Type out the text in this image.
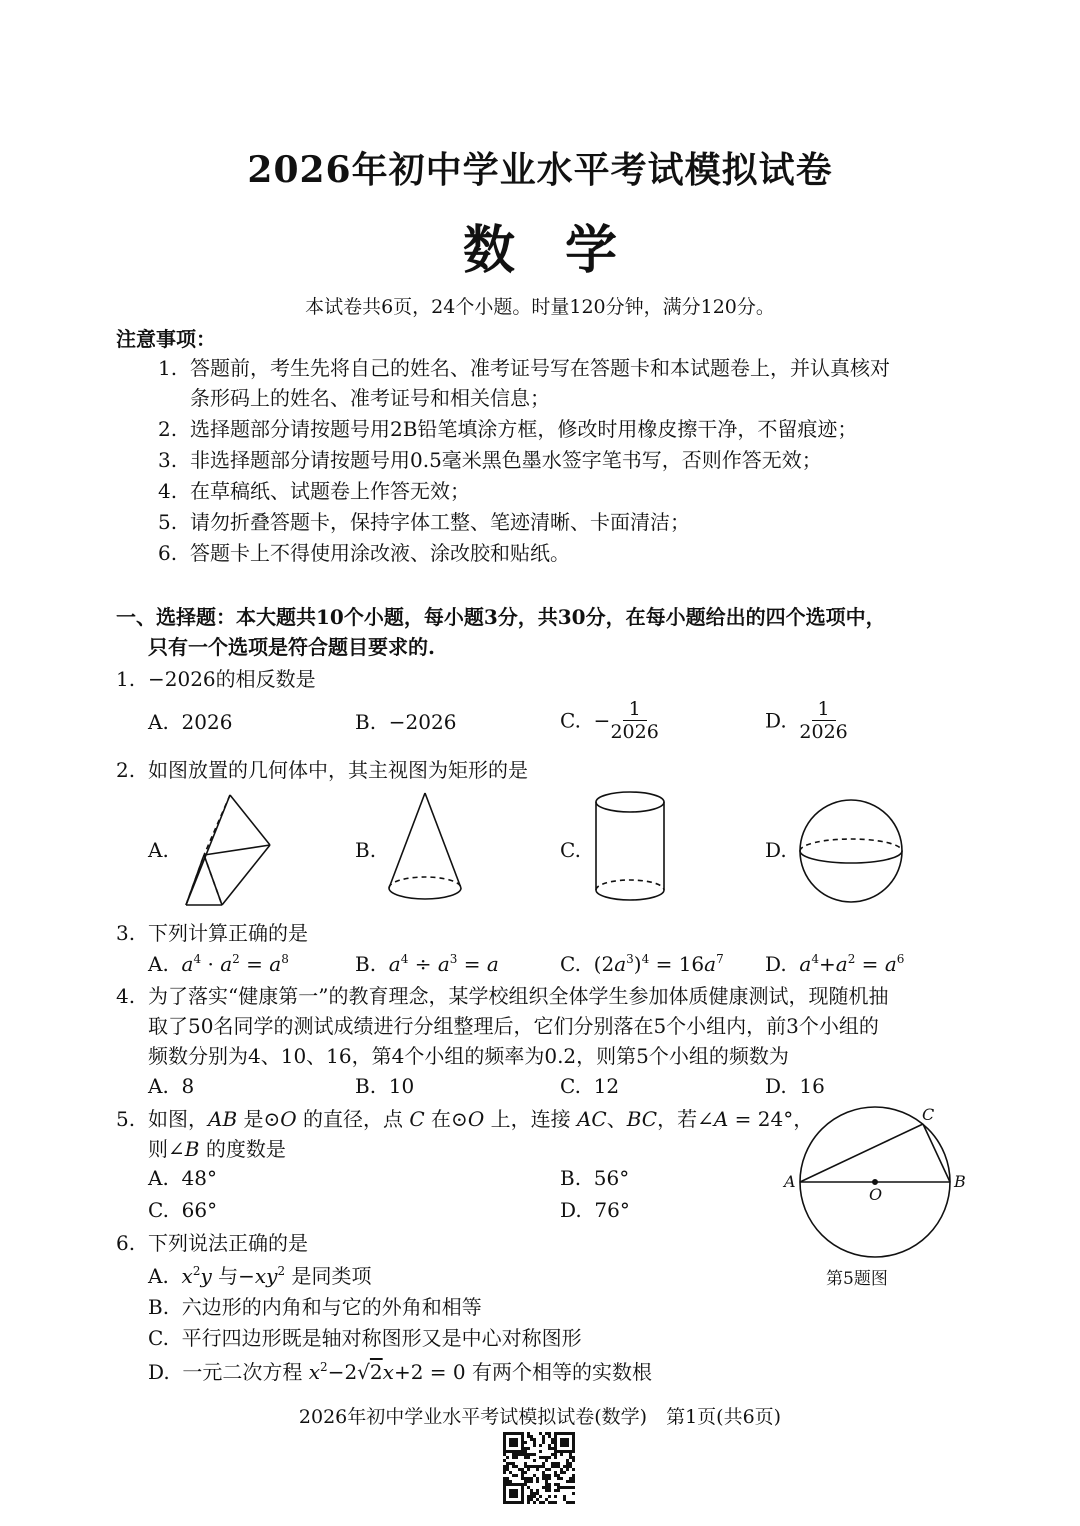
2026年初中学业水平考试模拟试卷
数学
本试卷共6页，24个小题。时量120分钟，满分120分。
注意事项：
1. 答题前，考生先将自己的姓名、准考证号写在答题卡和本试题卷上，并认真核对
条形码上的姓名、准考证号和相关信息；
2. 选择题部分请按题号用2B铅笔填涂方框，修改时用橡皮擦干净，不留痕迹；
3. 非选择题部分请按题号用0.5毫米黑色墨水签字笔书写，否则作答无效；
4. 在草稿纸、试题卷上作答无效；
5. 请勿折叠答题卡，保持字体工整、笔迹清晰、卡面清洁；
6. 答题卡上不得使用涂改液、涂改胶和贴纸。
一、选择题：本大题共10个小题，每小题3分，共30分，在每小题给出的四个选项中，
只有一个选项是符合题目要求的.
1. −2026的相反数是
A. 2026	B. −2026	C. − $\frac{1}{2026}$	D. $\frac{1}{2026}$
2. 如图放置的几何体中，其主视图为矩形的是
A.	B.	C.	D.
3. 下列计算正确的是
A. $a^4 \cdot a^2 = a^8$	B. $a^4 \div a^3 = a$	C. $(2a^3)^4 = 16a^7$ D. $a^4+a^2 = a^6$
4. 为了落实“健康第一”的教育理念，某学校组织全体学生参加体质健康测试，现随机抽
取了50名同学的测试成绩进行分组整理后，它们分别落在5个小组内，前3个小组的
频数分别为4、10、16，第4个小组的频率为0.2，则第5个小组的频数为
A. 8	B. 10	C. 12	D. 16
5. 如图，AB 是⊙O 的直径，点 C 在⊙O 上，连接 AC、BC，若∠A = 24°，
则∠B 的度数是
A. 48°	B. 56°
C. 66°	D. 76°
A	B
C
O
第5题图
6. 下列说法正确的是
A. $x^2y$ 与$-xy^2$ 是同类项
B. 六边形的内角和与它的外角和相等
C. 平行四边形既是轴对称图形又是中心对称图形
D. 一元二次方程 $x^2-2√2x+2 = 0$ 有两个相等的实数根
2026年初中学业水平考试模拟试卷(数学)　第1页(共6页)
